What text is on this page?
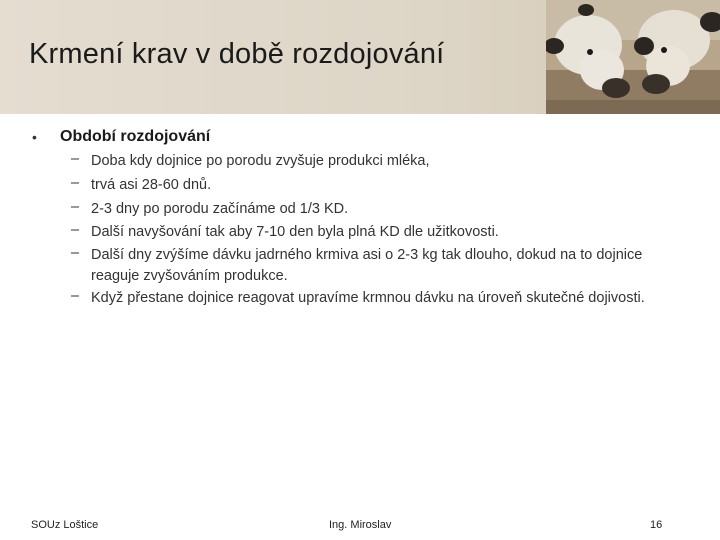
Krmení krav v době rozdojování
• Období rozdojování
– Doba kdy dojnice po porodu zvyšuje produkci mléka,
– trvá asi 28-60 dnů.
– 2-3 dny po porodu začínáme od 1/3 KD.
– Další navyšování tak aby 7-10 den byla plná KD dle užitkovosti.
– Další dny zvýšíme dávku jadrného krmiva asi o 2-3 kg tak dlouho, dokud na to dojnice reaguje zvyšováním produkce.
– Když přestane dojnice reagovat upravíme krmnou dávku na úroveň skutečné dojivosti.
SOUz Loštice	Ing. Miroslav	16
